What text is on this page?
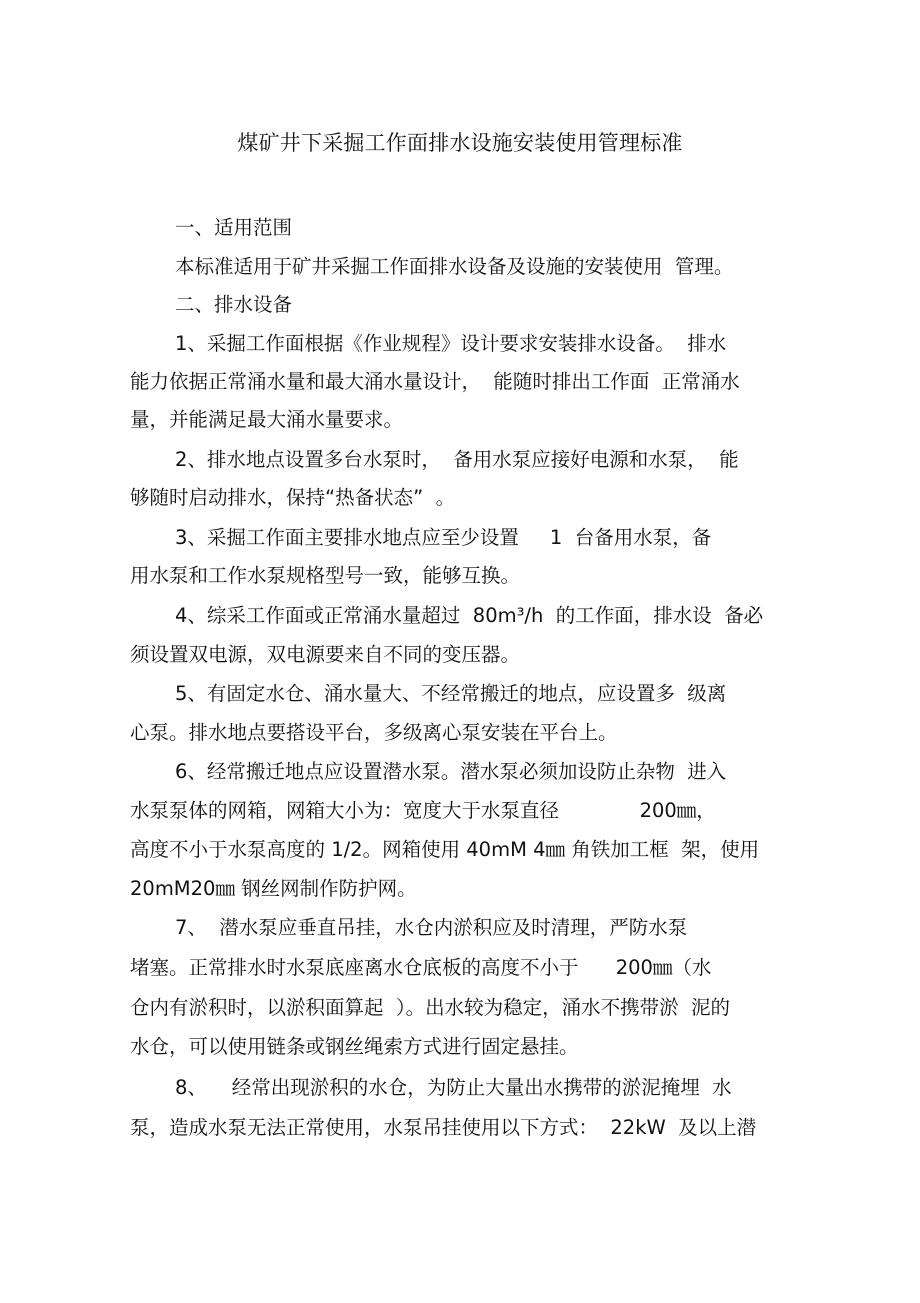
煤矿井下采掘工作面排水设施安装使用管理标准
一、适用范围
本标准适用于矿井采掘工作面排水设备及设施的安装使用  管理。
二、排水设备
1、采掘工作面根据《作业规程》设计要求安装排水设备。  排水
能力依据正常涌水量和最大涌水量设计，  能随时排出工作面  正常涌水
量，并能满足最大涌水量要求。
2、排水地点设置多台水泵时，  备用水泵应接好电源和水泵，  能
够随时启动排水，保持“热备状态”  。
3、采掘工作面主要排水地点应至少设置     1  台备用水泵，备
用水泵和工作水泵规格型号一致，能够互换。
4、综采工作面或正常涌水量超过  80m³/h  的工作面，排水设  备必
须设置双电源，双电源要来自不同的变压器。
5、有固定水仓、涌水量大、不经常搬迁的地点，应设置多  级离
心泵。排水地点要搭设平台，多级离心泵安装在平台上。
6、经常搬迁地点应设置潜水泵。潜水泵必须加设防止杂物  进入
水泵泵体的网箱，网箱大小为：宽度大于水泵直径             200㎜，
高度不小于水泵高度的 1/2。网箱使用 40mM 4㎜ 角铁加工框  架，使用
20mM20㎜ 钢丝网制作防护网。
7、  潜水泵应垂直吊挂，水仓内淤积应及时清理，严防水泵
堵塞。正常排水时水泵底座离水仓底板的高度不小于      200㎜（水
仓内有淤积时，以淤积面算起  ）。出水较为稳定，涌水不携带淤  泥的
水仓，可以使用链条或钢丝绳索方式进行固定悬挂。
8、    经常出现淤积的水仓，为防止大量出水携带的淤泥掩埋  水
泵，造成水泵无法正常使用，水泵吊挂使用以下方式：  22kW  及以上潜
